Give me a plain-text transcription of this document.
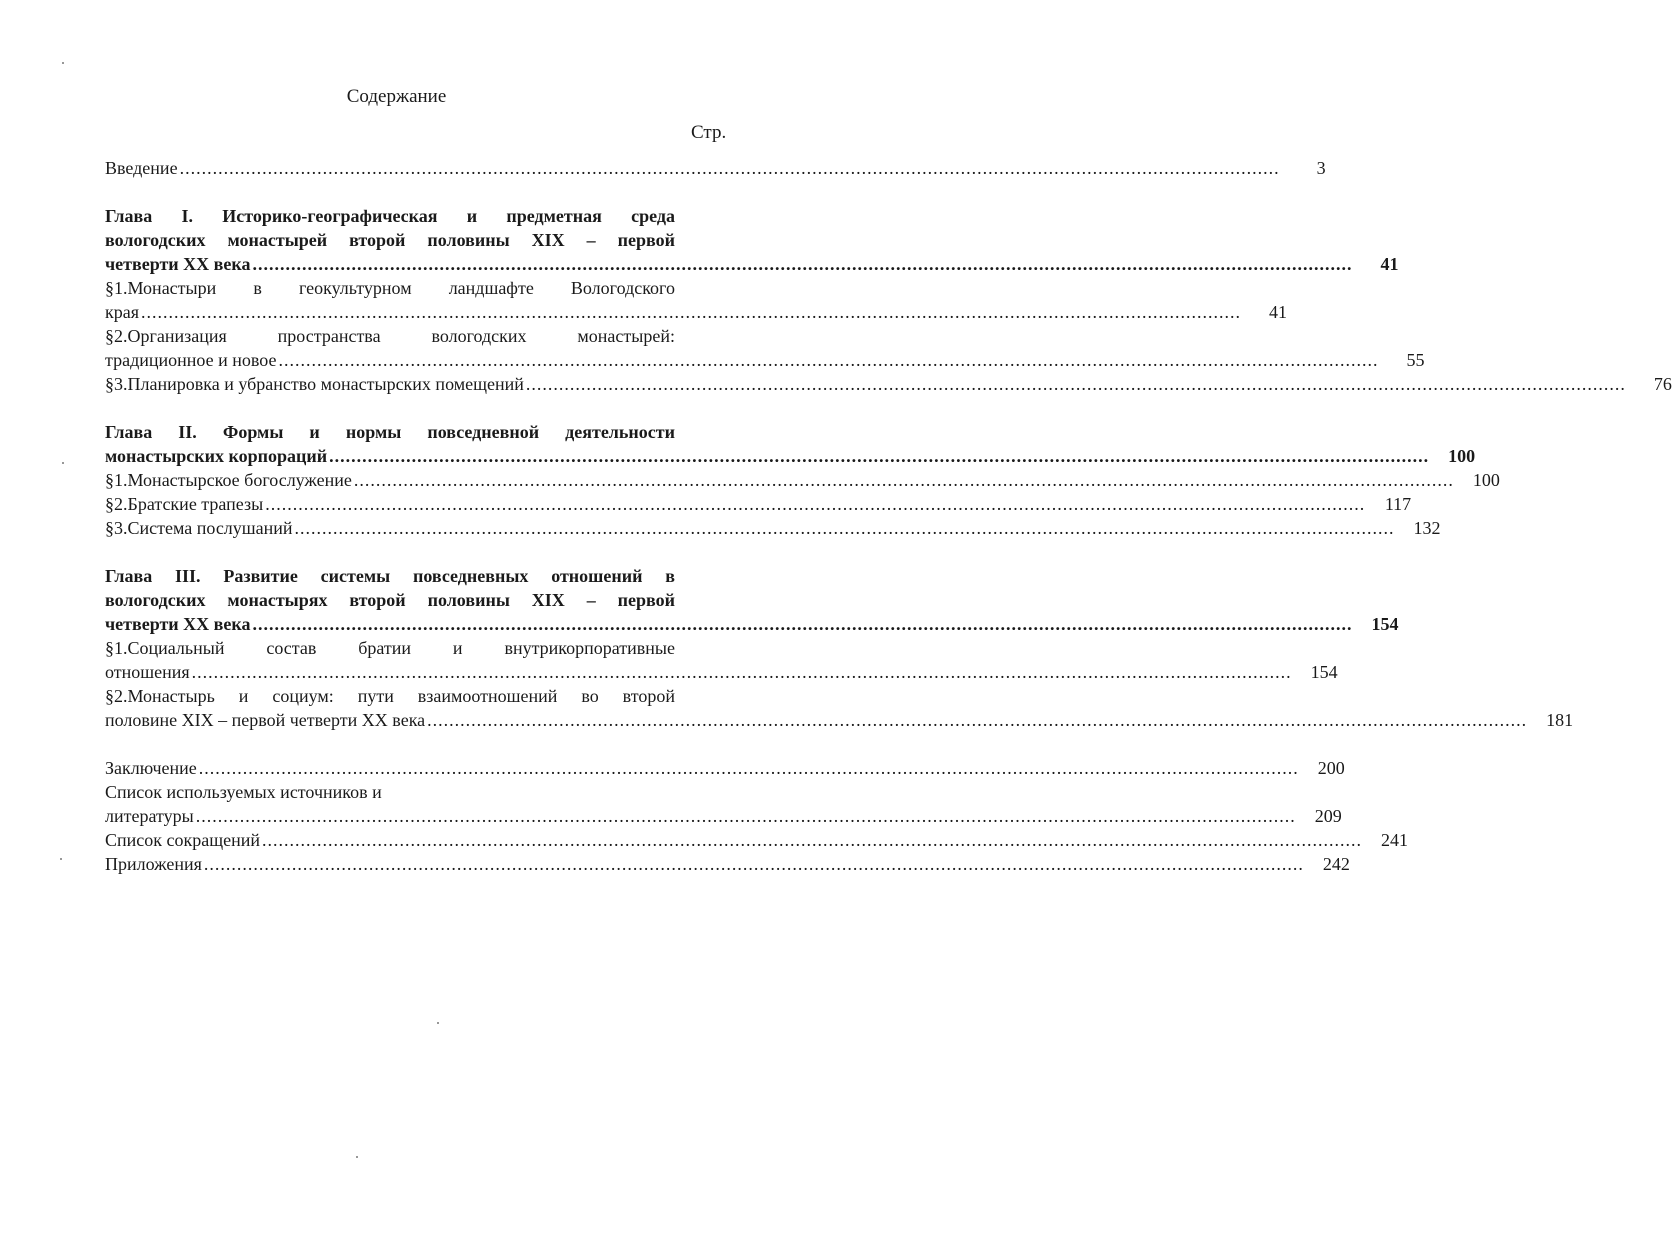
Содержание
Стр.
Введение ........................................................................................................................................................................................................	3
Глава I. Историко-географическая и предметная среда
вологодских монастырей второй половины XIX – первой
четверти XX века ........................................................................................................................................................................................................	41
§1.Монастыри в геокультурном ландшафте Вологодского
края ........................................................................................................................................................................................................	41
§2.Организация пространства вологодских монастырей:
традиционное и новое ........................................................................................................................................................................................................	55
§3.Планировка и убранство монастырских помещений ........................................................................................................................................................................................................	76
Глава II. Формы и нормы повседневной деятельности
монастырских корпораций ........................................................................................................................................................................................................	100
§1.Монастырское богослужение ........................................................................................................................................................................................................	100
§2.Братские трапезы ........................................................................................................................................................................................................	117
§3.Система послушаний ........................................................................................................................................................................................................	132
Глава III. Развитие системы повседневных отношений в
вологодских монастырях второй половины XIX – первой
четверти XX века ........................................................................................................................................................................................................	154
§1.Социальный состав братии и внутрикорпоративные
отношения ........................................................................................................................................................................................................	154
§2.Монастырь и социум: пути взаимоотношений во второй
половине XIX – первой четверти XX века ........................................................................................................................................................................................................	181
Заключение ........................................................................................................................................................................................................	200
Список используемых источников и
литературы ........................................................................................................................................................................................................	209
Список сокращений ........................................................................................................................................................................................................	241
Приложения ........................................................................................................................................................................................................	242
